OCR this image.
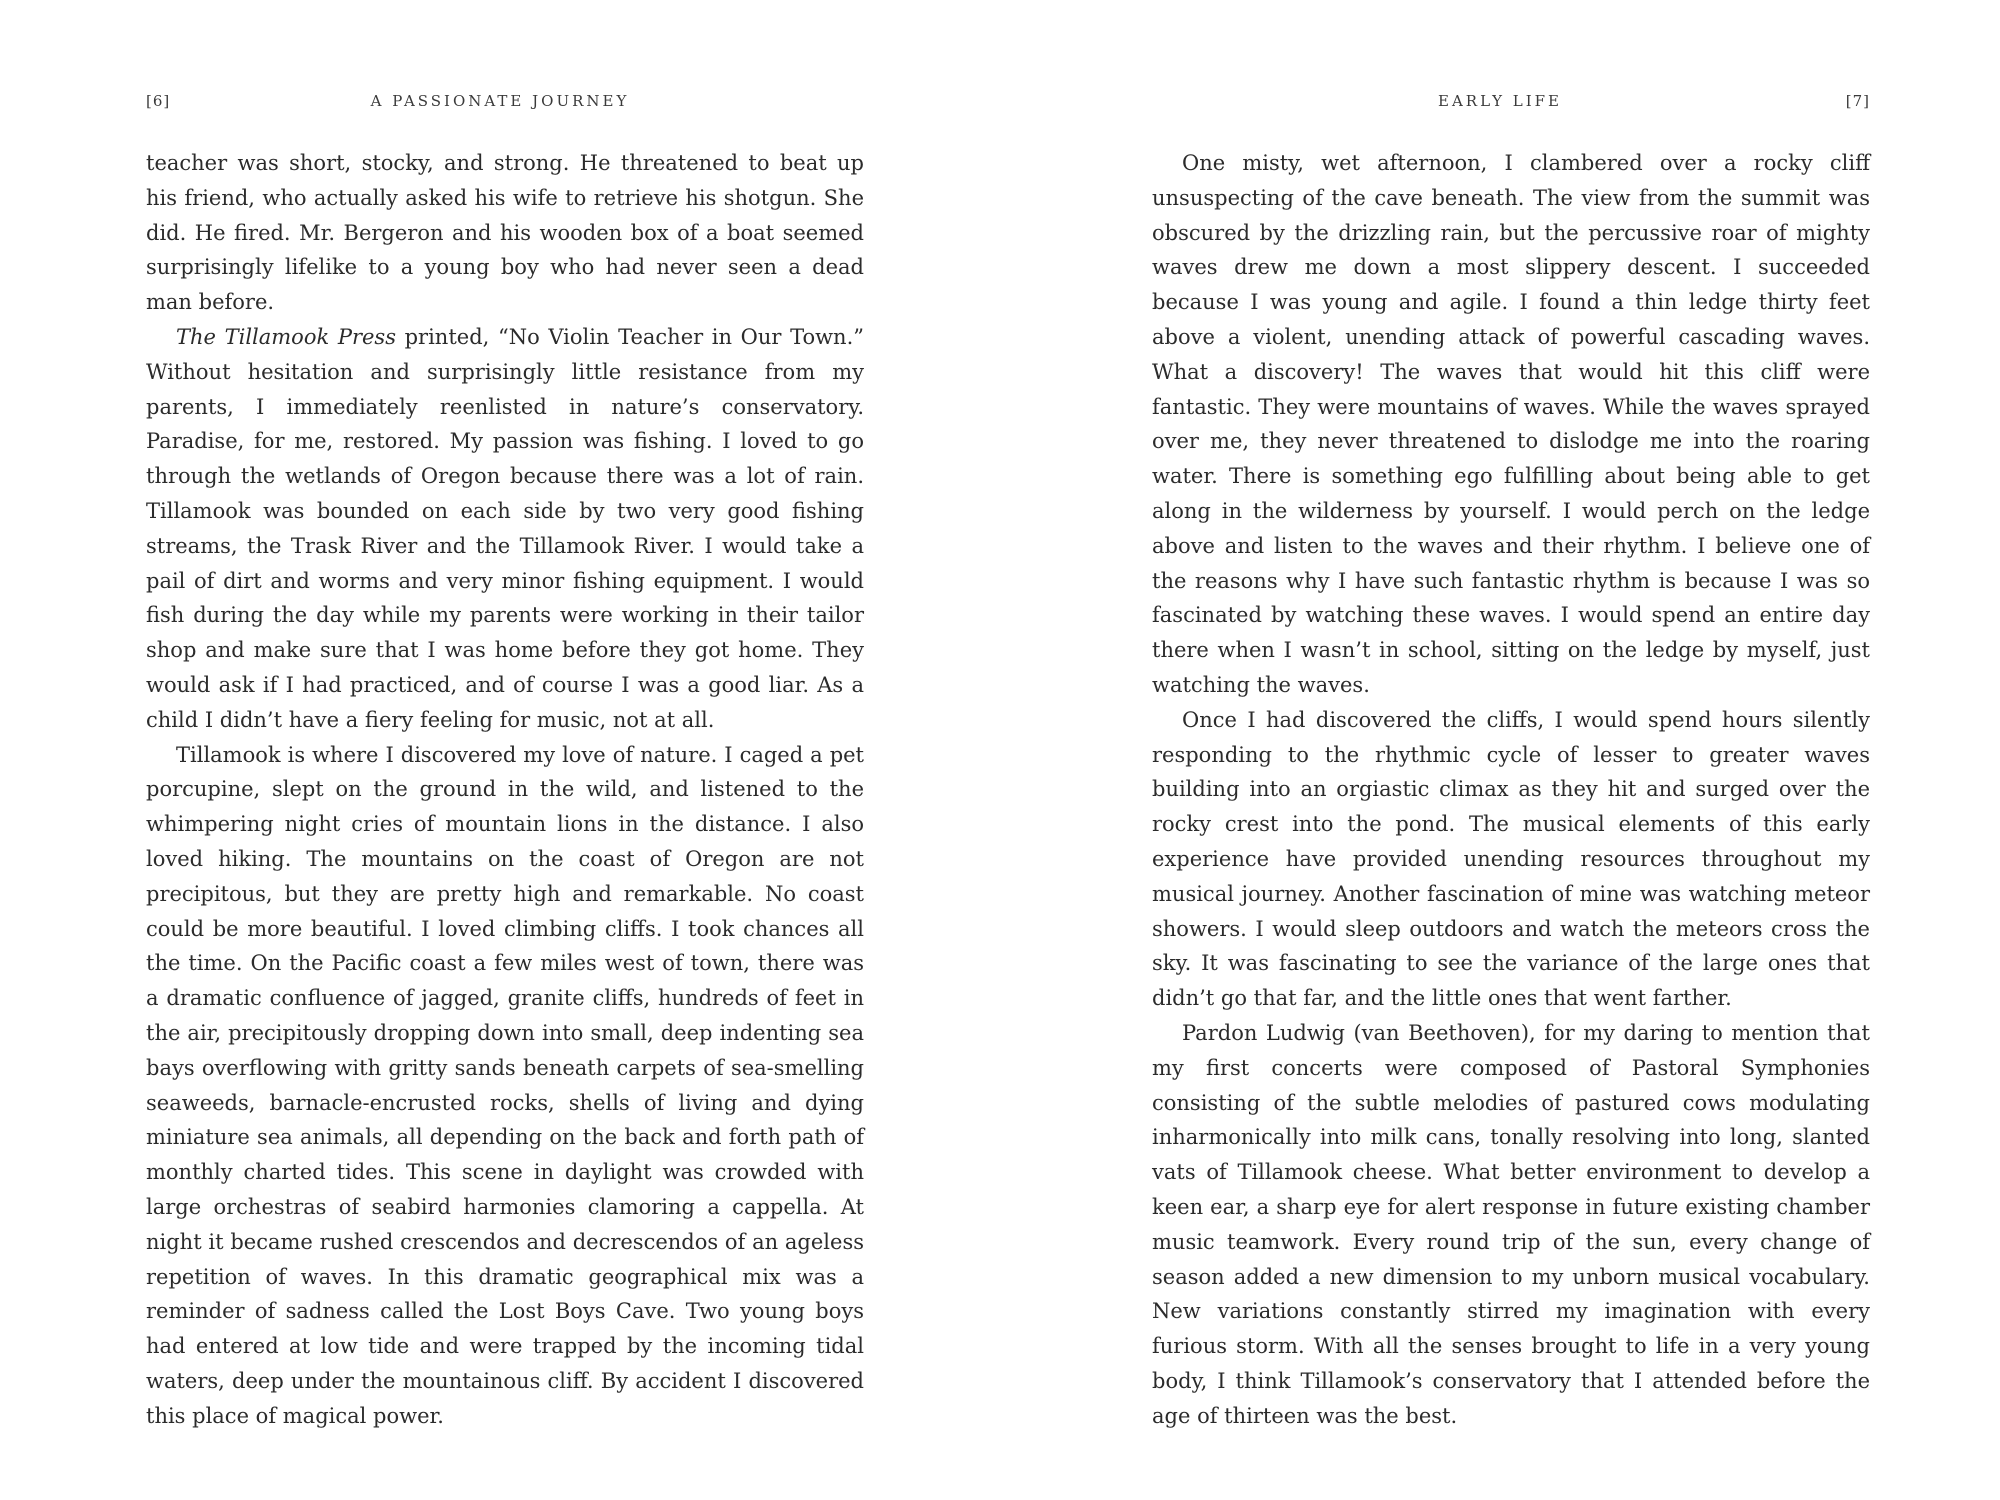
[6]	A PASSIONATE JOURNEY

teacher was short, stocky, and strong. He threatened to beat up his friend, who actually asked his wife to retrieve his shotgun. She did. He fired. Mr. Bergeron and his wooden box of a boat seemed surprisingly lifelike to a young boy who had never seen a dead man before.

The Tillamook Press printed, “No Violin Teacher in Our Town.” Without hesitation and surprisingly little resistance from my parents, I immediately reenlisted in nature’s conservatory. Paradise, for me, restored. My passion was fishing. I loved to go through the wetlands of Oregon because there was a lot of rain. Tillamook was bounded on each side by two very good fishing streams, the Trask River and the Tillamook River. I would take a pail of dirt and worms and very minor fishing equipment. I would fish during the day while my parents were working in their tailor shop and make sure that I was home before they got home. They would ask if I had practiced, and of course I was a good liar. As a child I didn’t have a fiery feeling for music, not at all.

Tillamook is where I discovered my love of nature. I caged a pet porcupine, slept on the ground in the wild, and listened to the whimpering night cries of mountain lions in the distance. I also loved hiking. The mountains on the coast of Oregon are not precipitous, but they are pretty high and remarkable. No coast could be more beautiful. I loved climbing cliffs. I took chances all the time. On the Pacific coast a few miles west of town, there was a dramatic confluence of jagged, granite cliffs, hundreds of feet in the air, precipitously dropping down into small, deep indenting sea bays overflowing with gritty sands beneath carpets of sea-smelling seaweeds, barnacle-encrusted rocks, shells of living and dying miniature sea animals, all depending on the back and forth path of monthly charted tides. This scene in daylight was crowded with large orchestras of seabird harmonies clamoring a cappella. At night it became rushed crescendos and decrescendos of an ageless repetition of waves. In this dramatic geographical mix was a reminder of sadness called the Lost Boys Cave. Two young boys had entered at low tide and were trapped by the incoming tidal waters, deep under the mountainous cliff. By accident I discovered this place of magical power.

EARLY LIFE	[7]

One misty, wet afternoon, I clambered over a rocky cliff unsuspecting of the cave beneath. The view from the summit was obscured by the drizzling rain, but the percussive roar of mighty waves drew me down a most slippery descent. I succeeded because I was young and agile. I found a thin ledge thirty feet above a violent, unending attack of powerful cascading waves. What a discovery! The waves that would hit this cliff were fantastic. They were mountains of waves. While the waves sprayed over me, they never threatened to dislodge me into the roaring water. There is something ego fulfilling about being able to get along in the wilderness by yourself. I would perch on the ledge above and listen to the waves and their rhythm. I believe one of the reasons why I have such fantastic rhythm is because I was so fascinated by watching these waves. I would spend an entire day there when I wasn’t in school, sitting on the ledge by myself, just watching the waves.

Once I had discovered the cliffs, I would spend hours silently responding to the rhythmic cycle of lesser to greater waves building into an orgiastic climax as they hit and surged over the rocky crest into the pond. The musical elements of this early experience have provided unending resources throughout my musical journey. Another fascination of mine was watching meteor showers. I would sleep outdoors and watch the meteors cross the sky. It was fascinating to see the variance of the large ones that didn’t go that far, and the little ones that went farther.

Pardon Ludwig (van Beethoven), for my daring to mention that my first concerts were composed of Pastoral Symphonies consisting of the subtle melodies of pastured cows modulating inharmonically into milk cans, tonally resolving into long, slanted vats of Tillamook cheese. What better environment to develop a keen ear, a sharp eye for alert response in future existing chamber music teamwork. Every round trip of the sun, every change of season added a new dimension to my unborn musical vocabulary. New variations constantly stirred my imagination with every furious storm. With all the senses brought to life in a very young body, I think Tillamook’s conservatory that I attended before the age of thirteen was the best.
